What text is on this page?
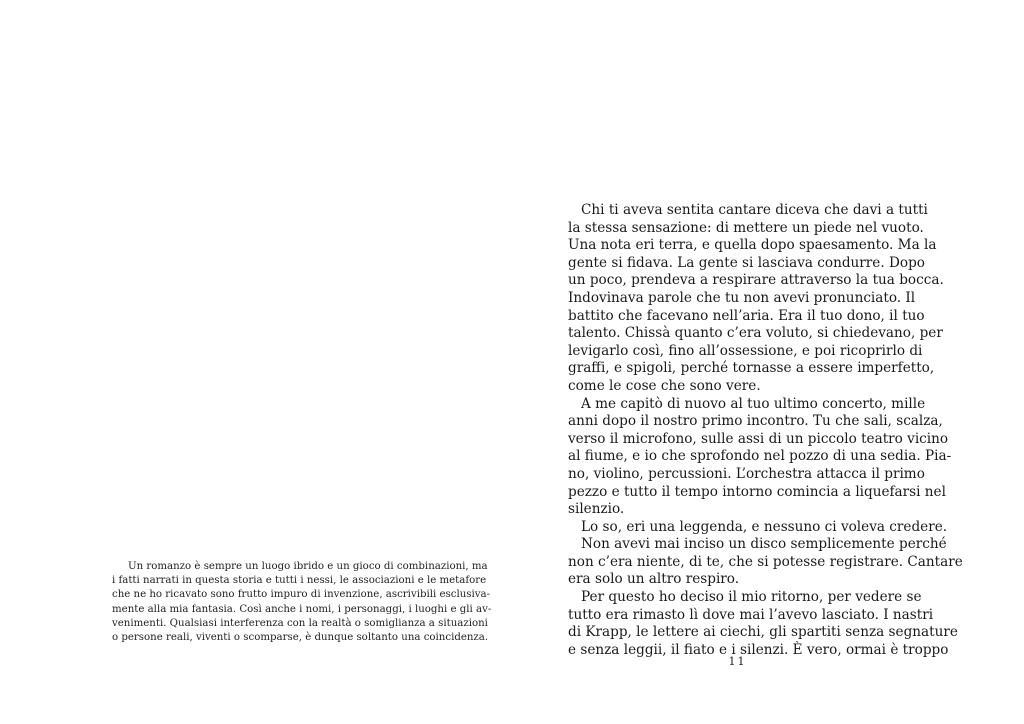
Un romanzo è sempre un luogo ibrido e un gioco di combinazioni, ma
i fatti narrati in questa storia e tutti i nessi, le associazioni e le metafore
che ne ho ricavato sono frutto impuro di invenzione, ascrivibili esclusiva-
mente alla mia fantasia. Così anche i nomi, i personaggi, i luoghi e gli av-
venimenti. Qualsiasi interferenza con la realtà o somiglianza a situazioni
o persone reali, viventi o scomparse, è dunque soltanto una coincidenza.
Chi ti aveva sentita cantare diceva che davi a tutti
la stessa sensazione: di mettere un piede nel vuoto.
Una nota eri terra, e quella dopo spaesamento. Ma la
gente si fidava. La gente si lasciava condurre. Dopo
un poco, prendeva a respirare attraverso la tua bocca.
Indovinava parole che tu non avevi pronunciato. Il
battito che facevano nell’aria. Era il tuo dono, il tuo
talento. Chissà quanto c’era voluto, si chiedevano, per
levigarlo così, fino all’ossessione, e poi ricoprirlo di
graffi, e spigoli, perché tornasse a essere imperfetto,
come le cose che sono vere.
A me capitò di nuovo al tuo ultimo concerto, mille
anni dopo il nostro primo incontro. Tu che sali, scalza,
verso il microfono, sulle assi di un piccolo teatro vicino
al fiume, e io che sprofondo nel pozzo di una sedia. Pia-
no, violino, percussioni. L’orchestra attacca il primo
pezzo e tutto il tempo intorno comincia a liquefarsi nel
silenzio.
Lo so, eri una leggenda, e nessuno ci voleva credere.
Non avevi mai inciso un disco semplicemente perché
non c’era niente, di te, che si potesse registrare. Cantare
era solo un altro respiro.
Per questo ho deciso il mio ritorno, per vedere se
tutto era rimasto lì dove mai l’avevo lasciato. I nastri
di Krapp, le lettere ai ciechi, gli spartiti senza segnature
e senza leggii, il fiato e i silenzi. È vero, ormai è troppo
11
